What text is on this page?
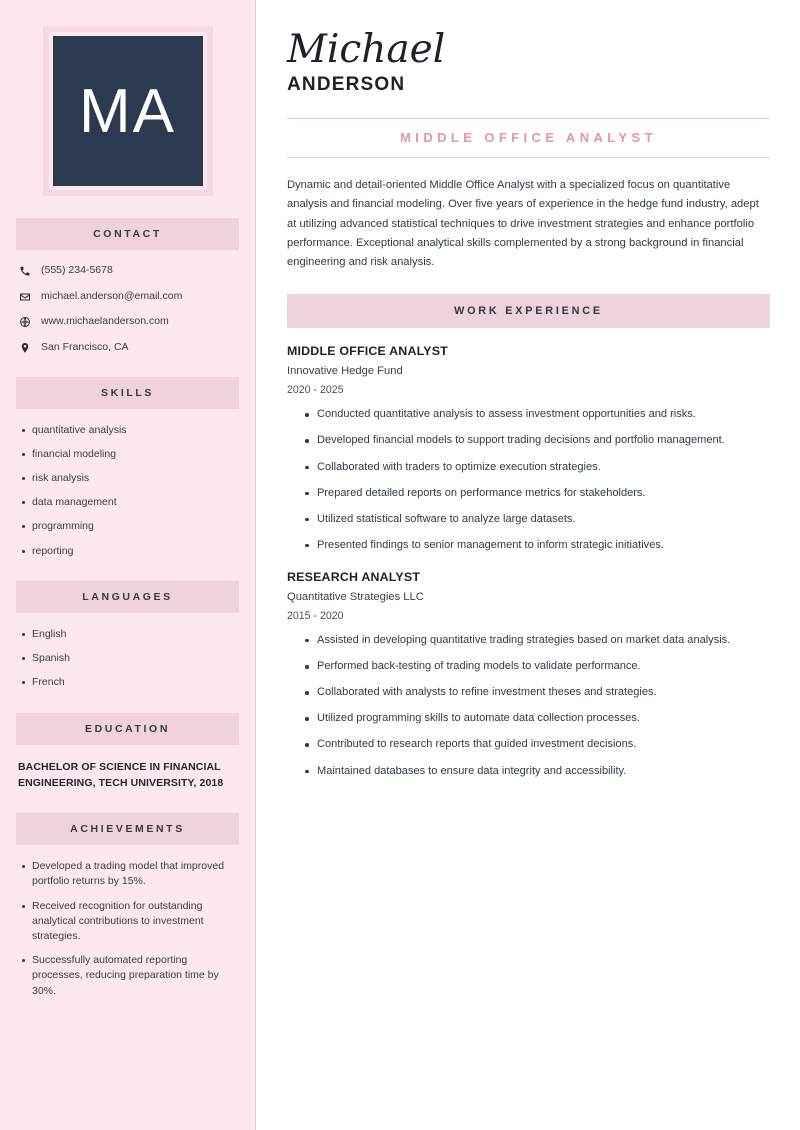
MA
CONTACT
(555) 234-5678
michael.anderson@email.com
www.michaelanderson.com
San Francisco, CA
SKILLS
quantitative analysis
financial modeling
risk analysis
data management
programming
reporting
LANGUAGES
English
Spanish
French
EDUCATION
BACHELOR OF SCIENCE IN FINANCIAL ENGINEERING, TECH UNIVERSITY, 2018
ACHIEVEMENTS
Developed a trading model that improved portfolio returns by 15%.
Received recognition for outstanding analytical contributions to investment strategies.
Successfully automated reporting processes, reducing preparation time by 30%.
Michael
ANDERSON
MIDDLE OFFICE ANALYST

Dynamic and detail-oriented Middle Office Analyst with a specialized focus on quantitative analysis and financial modeling. Over five years of experience in the hedge fund industry, adept at utilizing advanced statistical techniques to drive investment strategies and enhance portfolio performance. Exceptional analytical skills complemented by a strong background in financial engineering and risk analysis.

WORK EXPERIENCE
MIDDLE OFFICE ANALYST
Innovative Hedge Fund
2020 - 2025
Conducted quantitative analysis to assess investment opportunities and risks.
Developed financial models to support trading decisions and portfolio management.
Collaborated with traders to optimize execution strategies.
Prepared detailed reports on performance metrics for stakeholders.
Utilized statistical software to analyze large datasets.
Presented findings to senior management to inform strategic initiatives.
RESEARCH ANALYST
Quantitative Strategies LLC
2015 - 2020
Assisted in developing quantitative trading strategies based on market data analysis.
Performed back-testing of trading models to validate performance.
Collaborated with analysts to refine investment theses and strategies.
Utilized programming skills to automate data collection processes.
Contributed to research reports that guided investment decisions.
Maintained databases to ensure data integrity and accessibility.
